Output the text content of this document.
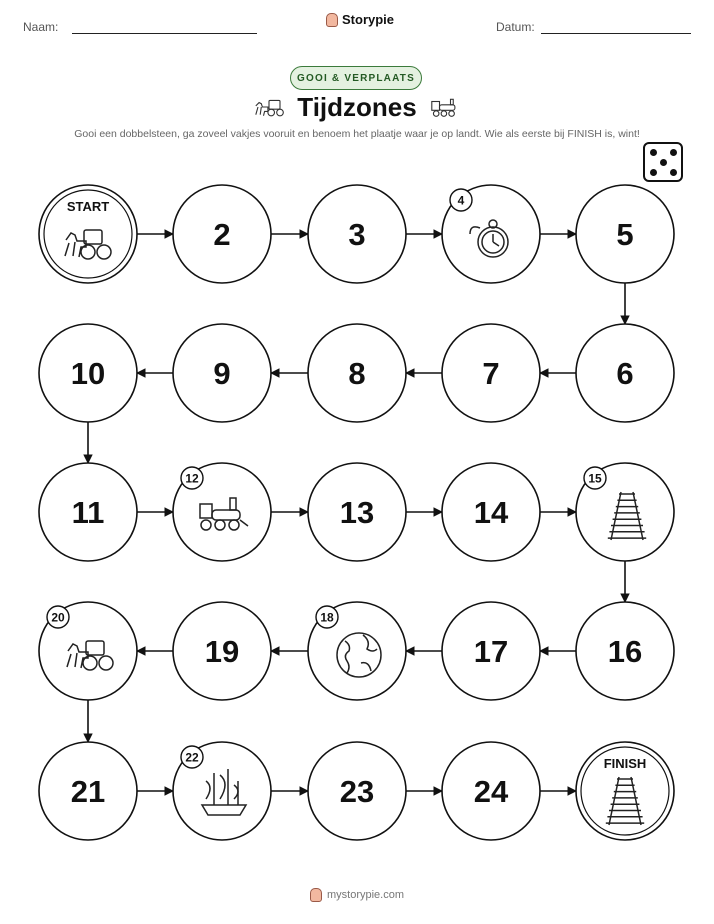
Naam:	Storypie	Datum:
GOOI & VERPLAATS
Tijdzones
Gooi een dobbelsteen, ga zoveel vakjes vooruit en benoem het plaatje waar je op landt. Wie als eerste bij FINISH is, wint!
START
2	3
4
5
6
7
8
9
10
11
12
13	14
15
16
17
18
19
20
21
22
23	24
FINISH
mystorypie.com
